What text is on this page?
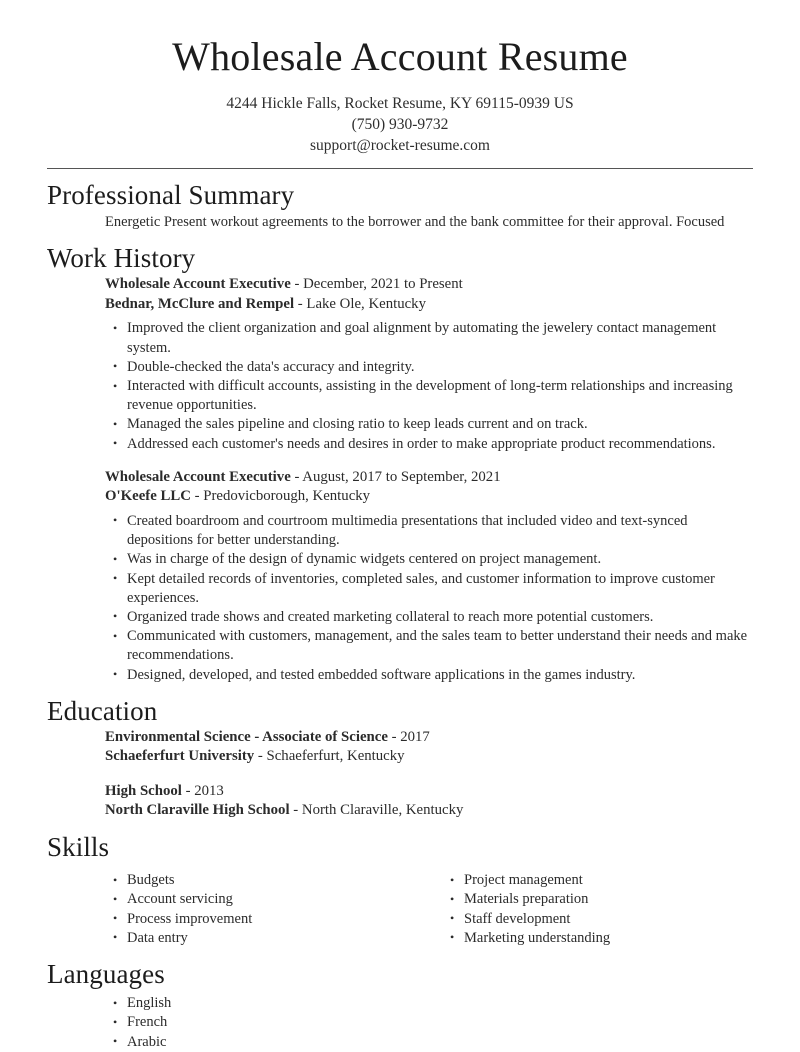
Wholesale Account Resume
4244 Hickle Falls, Rocket Resume, KY 69115-0939 US
(750) 930-9732
support@rocket-resume.com
Professional Summary
Energetic Present workout agreements to the borrower and the bank committee for their approval. Focused
Work History
Wholesale Account Executive - December, 2021 to Present
Bednar, McClure and Rempel - Lake Ole, Kentucky
• Improved the client organization and goal alignment by automating the jewelery contact management system.
• Double-checked the data's accuracy and integrity.
• Interacted with difficult accounts, assisting in the development of long-term relationships and increasing revenue opportunities.
• Managed the sales pipeline and closing ratio to keep leads current and on track.
• Addressed each customer's needs and desires in order to make appropriate product recommendations.
Wholesale Account Executive - August, 2017 to September, 2021
O'Keefe LLC - Predovicborough, Kentucky
• Created boardroom and courtroom multimedia presentations that included video and text-synced depositions for better understanding.
• Was in charge of the design of dynamic widgets centered on project management.
• Kept detailed records of inventories, completed sales, and customer information to improve customer experiences.
• Organized trade shows and created marketing collateral to reach more potential customers.
• Communicated with customers, management, and the sales team to better understand their needs and make recommendations.
• Designed, developed, and tested embedded software applications in the games industry.
Education
Environmental Science - Associate of Science - 2017
Schaeferfurt University - Schaeferfurt, Kentucky
High School - 2013
North Claraville High School - North Claraville, Kentucky
Skills
• Budgets
• Account servicing
• Process improvement
• Data entry
• Project management
• Materials preparation
• Staff development
• Marketing understanding
Languages
• English
• French
• Arabic
